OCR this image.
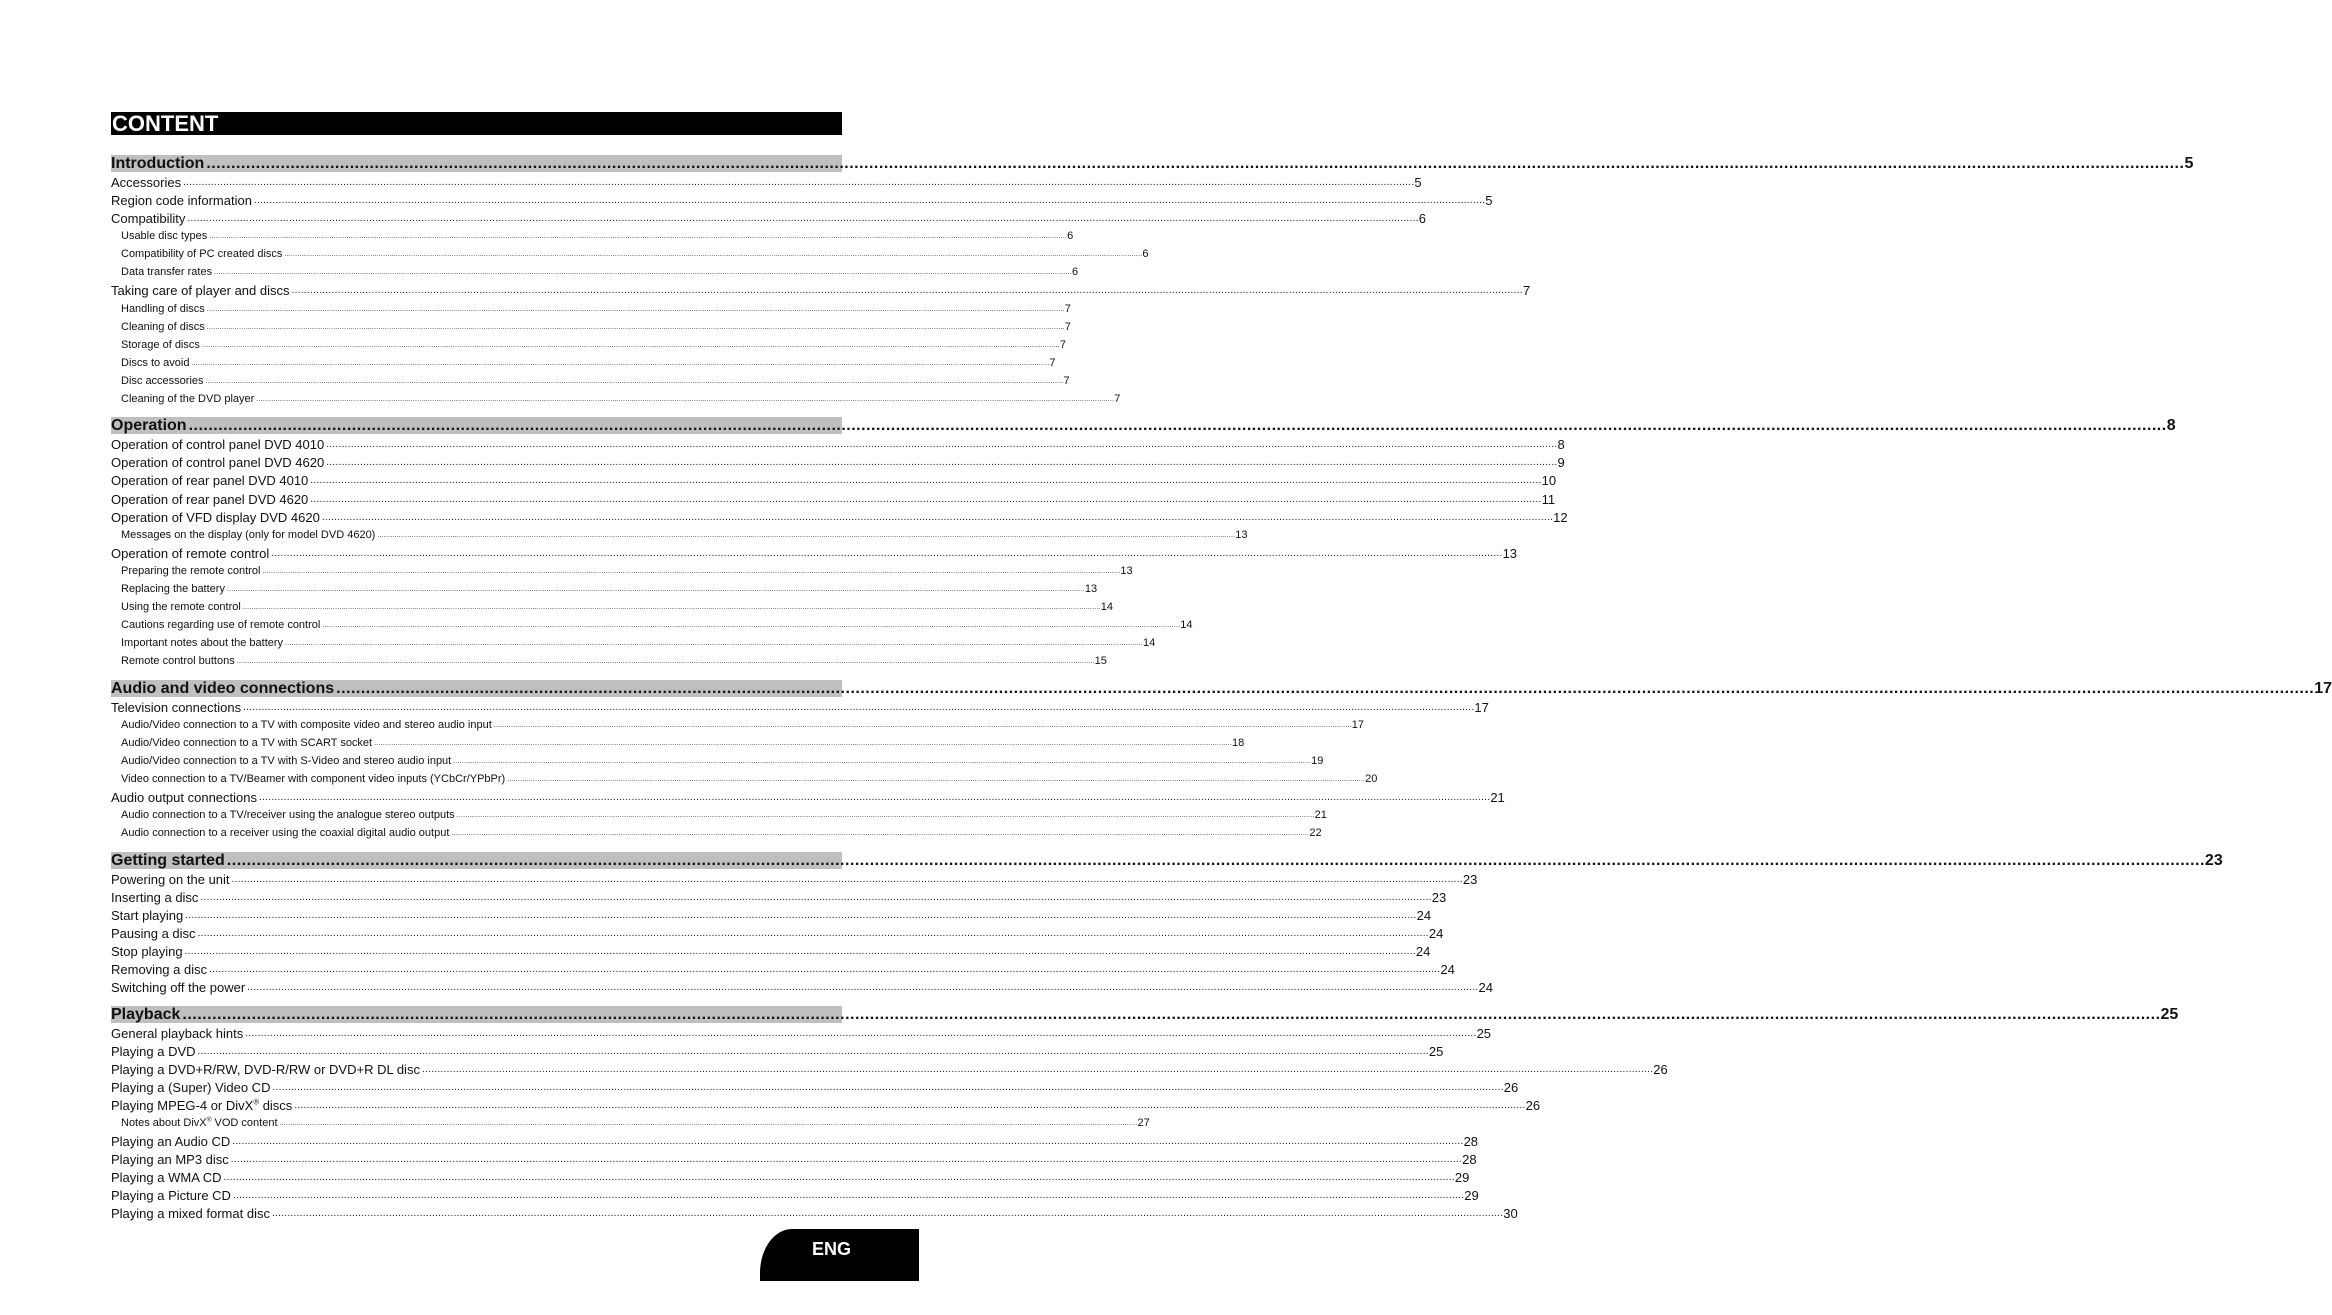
CONTENT
Introduction ................................................................................................................................................................................................................................................................................................................................................................................................................ 5
Accessories ................................................................................................................................................................................................................................................................................................................................................................................................................ 5
Region code information ................................................................................................................................................................................................................................................................................................................................................................................................................ 5
Compatibility ................................................................................................................................................................................................................................................................................................................................................................................................................ 6
Usable disc types ................................................................................................................................................................................................................................................................................................................................................................................................................ 6
Compatibility of PC created discs ................................................................................................................................................................................................................................................................................................................................................................................................................ 6
Data transfer rates ................................................................................................................................................................................................................................................................................................................................................................................................................ 6
Taking care of player and discs ................................................................................................................................................................................................................................................................................................................................................................................................................ 7
Handling of discs ................................................................................................................................................................................................................................................................................................................................................................................................................ 7
Cleaning of discs ................................................................................................................................................................................................................................................................................................................................................................................................................ 7
Storage of discs ................................................................................................................................................................................................................................................................................................................................................................................................................ 7
Discs to avoid ................................................................................................................................................................................................................................................................................................................................................................................................................ 7
Disc accessories ................................................................................................................................................................................................................................................................................................................................................................................................................ 7
Cleaning of the DVD player ................................................................................................................................................................................................................................................................................................................................................................................................................ 7
Operation ................................................................................................................................................................................................................................................................................................................................................................................................................ 8
Operation of control panel DVD 4010 ................................................................................................................................................................................................................................................................................................................................................................................................................ 8
Operation of control panel DVD 4620 ................................................................................................................................................................................................................................................................................................................................................................................................................ 9
Operation of rear panel DVD 4010 ................................................................................................................................................................................................................................................................................................................................................................................................................ 10
Operation of rear panel DVD 4620 ................................................................................................................................................................................................................................................................................................................................................................................................................ 11
Operation of VFD display DVD 4620 ................................................................................................................................................................................................................................................................................................................................................................................................................ 12
Messages on the display (only for model DVD 4620) ................................................................................................................................................................................................................................................................................................................................................................................................................ 13
Operation of remote control ................................................................................................................................................................................................................................................................................................................................................................................................................ 13
Preparing the remote control ................................................................................................................................................................................................................................................................................................................................................................................................................ 13
Replacing the battery ................................................................................................................................................................................................................................................................................................................................................................................................................ 13
Using the remote control ................................................................................................................................................................................................................................................................................................................................................................................................................ 14
Cautions regarding use of remote control ................................................................................................................................................................................................................................................................................................................................................................................................................ 14
Important notes about the battery ................................................................................................................................................................................................................................................................................................................................................................................................................ 14
Remote control buttons ................................................................................................................................................................................................................................................................................................................................................................................................................ 15
Audio and video connections ................................................................................................................................................................................................................................................................................................................................................................................................................ 17
Television connections ................................................................................................................................................................................................................................................................................................................................................................................................................ 17
Audio/Video connection to a TV with composite video and stereo audio input ................................................................................................................................................................................................................................................................................................................................................................................................................ 17
Audio/Video connection to a TV with SCART socket ................................................................................................................................................................................................................................................................................................................................................................................................................ 18
Audio/Video connection to a TV with S-Video and stereo audio input ................................................................................................................................................................................................................................................................................................................................................................................................................ 19
Video connection to a TV/Beamer with component video inputs (YCbCr/YPbPr) ................................................................................................................................................................................................................................................................................................................................................................................................................ 20
Audio output connections ................................................................................................................................................................................................................................................................................................................................................................................................................ 21
Audio connection to a TV/receiver using the analogue stereo outputs ................................................................................................................................................................................................................................................................................................................................................................................................................ 21
Audio connection to a receiver using the coaxial digital audio output ................................................................................................................................................................................................................................................................................................................................................................................................................ 22
Getting started ................................................................................................................................................................................................................................................................................................................................................................................................................ 23
Powering on the unit ................................................................................................................................................................................................................................................................................................................................................................................................................ 23
Inserting a disc ................................................................................................................................................................................................................................................................................................................................................................................................................ 23
Start playing ................................................................................................................................................................................................................................................................................................................................................................................................................ 24
Pausing a disc ................................................................................................................................................................................................................................................................................................................................................................................................................ 24
Stop playing ................................................................................................................................................................................................................................................................................................................................................................................................................ 24
Removing a disc ................................................................................................................................................................................................................................................................................................................................................................................................................ 24
Switching off the power ................................................................................................................................................................................................................................................................................................................................................................................................................ 24
Playback ................................................................................................................................................................................................................................................................................................................................................................................................................ 25
General playback hints ................................................................................................................................................................................................................................................................................................................................................................................................................ 25
Playing a DVD ................................................................................................................................................................................................................................................................................................................................................................................................................ 25
Playing a DVD+R/RW, DVD-R/RW or DVD+R DL disc ................................................................................................................................................................................................................................................................................................................................................................................................................ 26
Playing a (Super) Video CD ................................................................................................................................................................................................................................................................................................................................................................................................................ 26
Playing MPEG-4 or DivX® discs ................................................................................................................................................................................................................................................................................................................................................................................................................ 26
Notes about DivX® VOD content ................................................................................................................................................................................................................................................................................................................................................................................................................ 27
Playing an Audio CD ................................................................................................................................................................................................................................................................................................................................................................................................................ 28
Playing an MP3 disc ................................................................................................................................................................................................................................................................................................................................................................................................................ 28
Playing a WMA CD ................................................................................................................................................................................................................................................................................................................................................................................................................ 29
Playing a Picture CD ................................................................................................................................................................................................................................................................................................................................................................................................................ 29
Playing a mixed format disc ................................................................................................................................................................................................................................................................................................................................................................................................................ 30
ENG
